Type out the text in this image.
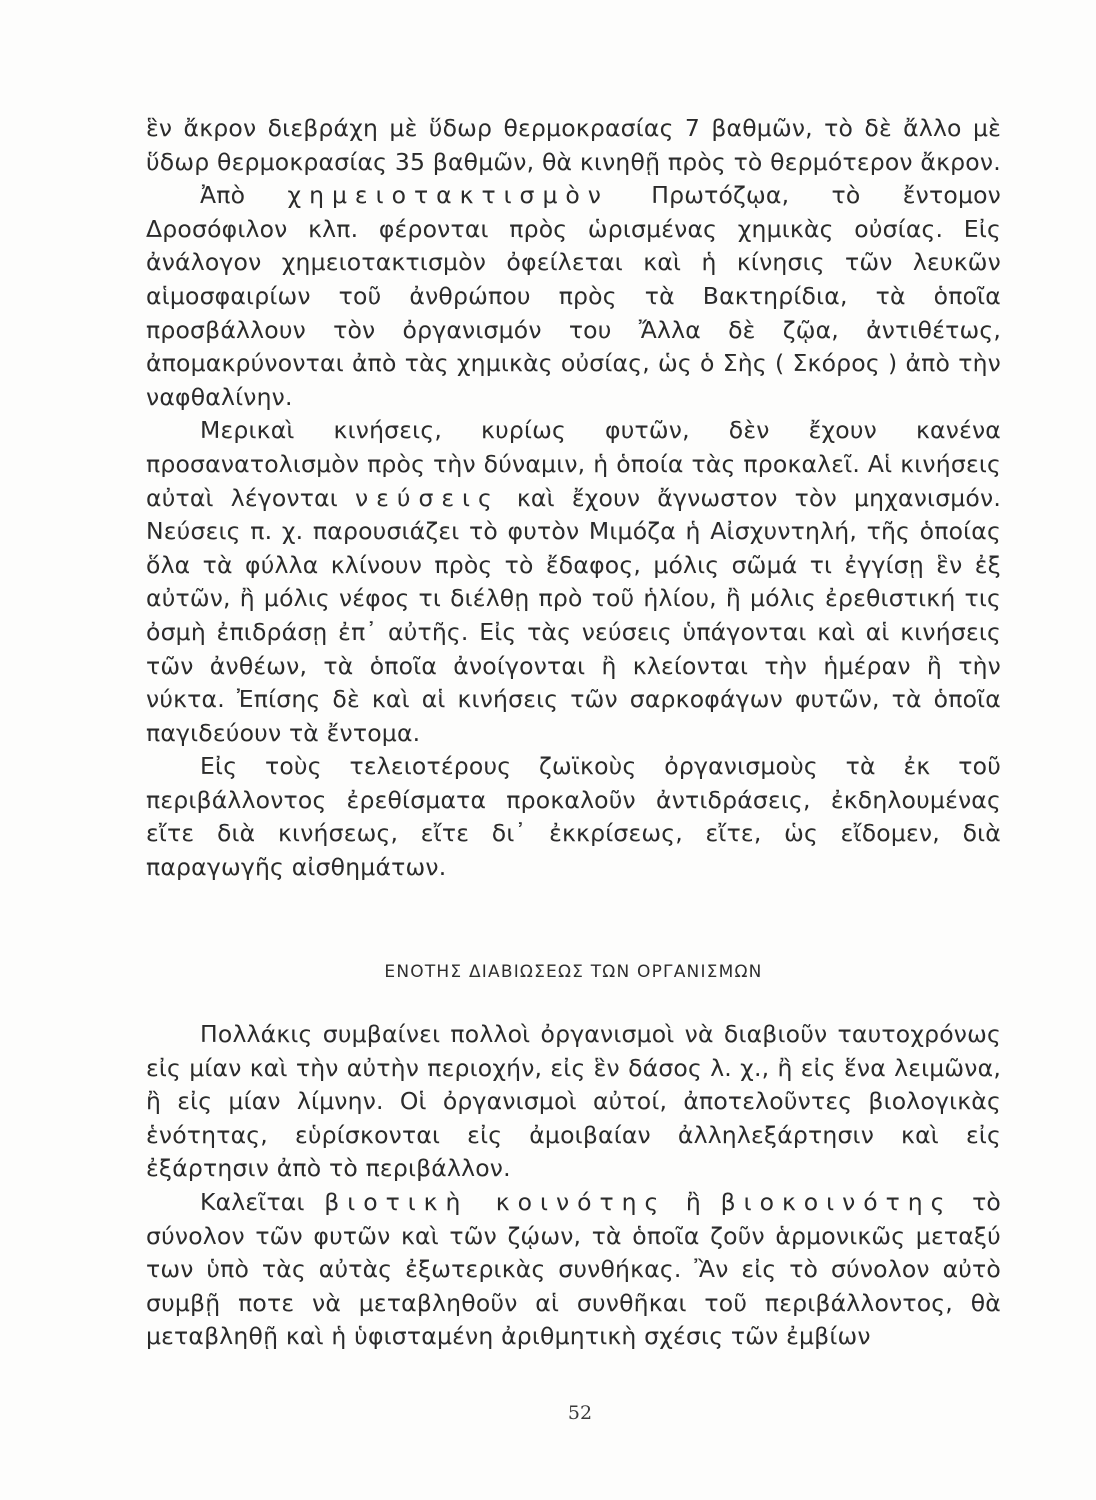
ἓν ἄκρον διεβράχη μὲ ὕδωρ θερμοκρασίας 7 βαθμῶν, τὸ δὲ ἄλλο μὲ ὕδωρ θερμοκρασίας 35 βαθμῶν, θὰ κινηθῇ πρὸς τὸ θερμότερον ἄκρον.

Ἀπὸ χημειοτακτισμὸν Πρωτόζῳα, τὸ ἔντομον Δροσόφιλον κλπ. φέρονται πρὸς ὡρισμένας χημικὰς οὐσίας. Εἰς ἀνάλογον χημειοτακτισμὸν ὀφείλεται καὶ ἡ κίνησις τῶν λευκῶν αἱμοσφαιρίων τοῦ ἀνθρώπου πρὸς τὰ Βακτηρίδια, τὰ ὁποῖα προσβάλλουν τὸν ὀργανισμόν του Ἄλλα δὲ ζῷα, ἀντιθέτως, ἀπομακρύνονται ἀπὸ τὰς χημικὰς οὐσίας, ὡς ὁ Σὴς ( Σκόρος ) ἀπὸ τὴν ναφθαλίνην.

Μερικαὶ κινήσεις, κυρίως φυτῶν, δὲν ἔχουν κανένα προσανατολισμὸν πρὸς τὴν δύναμιν, ἡ ὁποία τὰς προκαλεῖ. Αἱ κινήσεις αὐταὶ λέγονται νεύσεις καὶ ἔχουν ἄγνωστον τὸν μηχανισμόν. Νεύσεις π. χ. παρουσιάζει τὸ φυτὸν Μιμόζα ἡ Αἰσχυντηλή, τῆς ὁποίας ὅλα τὰ φύλλα κλίνουν πρὸς τὸ ἔδαφος, μόλις σῶμά τι ἐγγίσῃ ἓν ἐξ αὐτῶν, ἢ μόλις νέφος τι διέλθῃ πρὸ τοῦ ἡλίου, ἢ μόλις ἐρεθιστική τις ὀσμὴ ἐπιδράσῃ ἐπ᾿ αὐτῆς. Εἰς τὰς νεύσεις ὑπάγονται καὶ αἱ κινήσεις τῶν ἀνθέων, τὰ ὁποῖα ἀνοίγονται ἢ κλείονται τὴν ἡμέραν ἢ τὴν νύκτα. Ἐπίσης δὲ καὶ αἱ κινήσεις τῶν σαρκοφάγων φυτῶν, τὰ ὁποῖα παγιδεύουν τὰ ἔντομα.

Εἰς τοὺς τελειοτέρους ζωϊκοὺς ὀργανισμοὺς τὰ ἐκ τοῦ περιβάλλοντος ἐρεθίσματα προκαλοῦν ἀντιδράσεις, ἐκδηλουμένας εἴτε διὰ κινήσεως, εἴτε δι᾿ ἐκκρίσεως, εἴτε, ὡς εἴδομεν, διὰ παραγωγῆς αἰσθημάτων.

ΕΝΟΤΗΣ ΔΙΑΒΙΩΣΕΩΣ ΤΩΝ ΟΡΓΑΝΙΣΜΩΝ

Πολλάκις συμβαίνει πολλοὶ ὀργανισμοὶ νὰ διαβιοῦν ταυτοχρόνως εἰς μίαν καὶ τὴν αὐτὴν περιοχήν, εἰς ἓν δάσος λ. χ., ἢ εἰς ἕνα λειμῶνα, ἢ εἰς μίαν λίμνην. Οἱ ὀργανισμοὶ αὐτοί, ἀποτελοῦντες βιολογικὰς ἑνότητας, εὑρίσκονται εἰς ἀμοιβαίαν ἀλληλεξάρτησιν καὶ εἰς ἐξάρτησιν ἀπὸ τὸ περιβάλλον.

Καλεῖται βιοτικὴ κοινότης ἢ βιοκοινότης τὸ σύνολον τῶν φυτῶν καὶ τῶν ζῴων, τὰ ὁποῖα ζοῦν ἁρμονικῶς μεταξύ των ὑπὸ τὰς αὐτὰς ἐξωτερικὰς συνθήκας. Ἂν εἰς τὸ σύνολον αὐτὸ συμβῇ ποτε νὰ μεταβληθοῦν αἱ συνθῆκαι τοῦ περιβάλλοντος, θὰ μεταβληθῇ καὶ ἡ ὑφισταμένη ἀριθμητικὴ σχέσις τῶν ἐμβίων

52
